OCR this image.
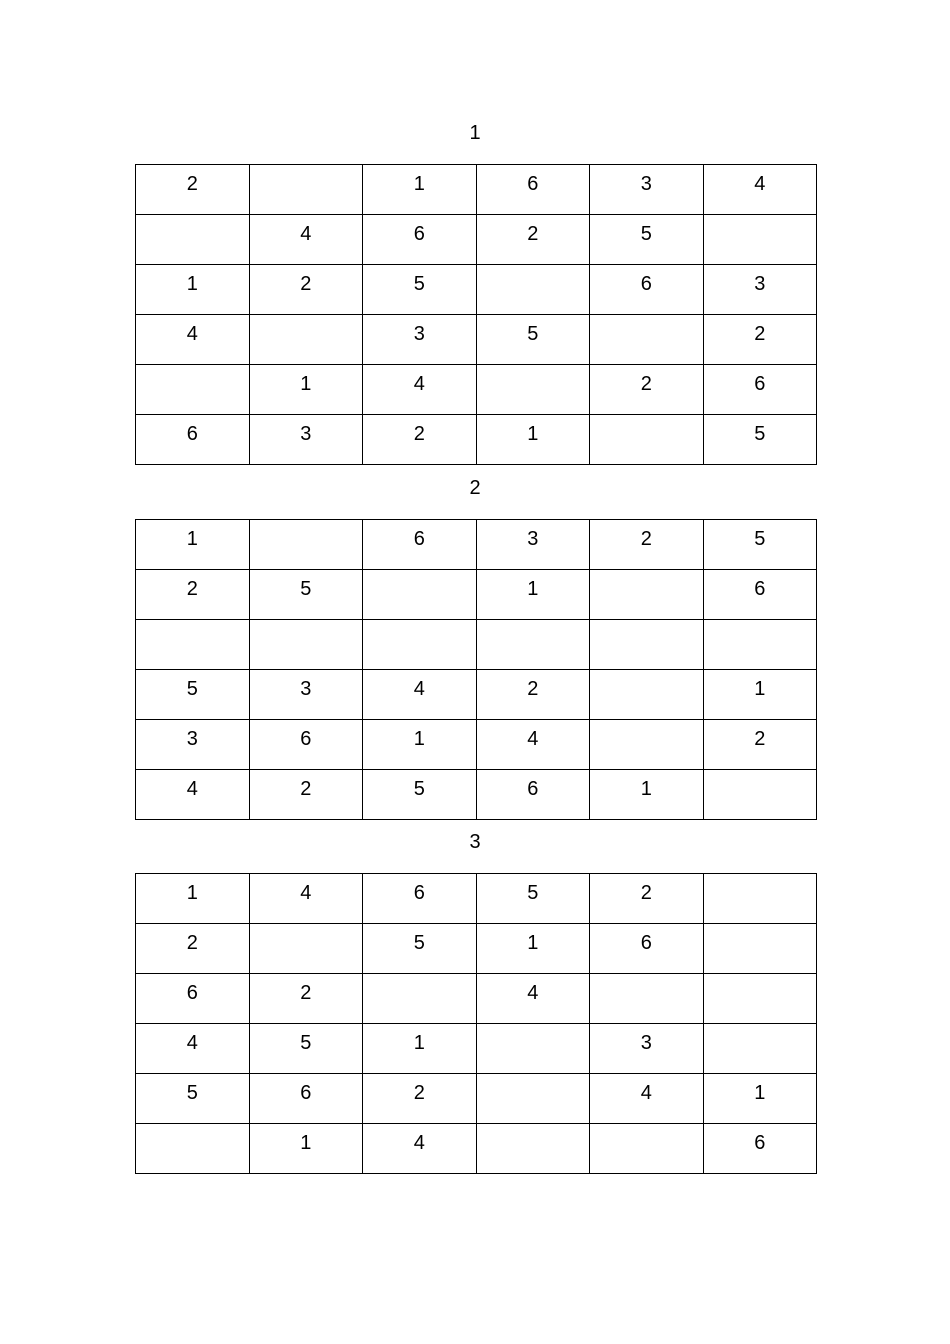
1
2		1	6	3	4
	4	6	2	5	
1	2	5		6	3
4		3	5		2
	1	4		2	6
6	3	2	1		5
2
1		6	3	2	5
2	5		1		6

5	3	4	2		1
3	6	1	4		2
4	2	5	6	1	
3
1	4	6	5	2	
2		5	1	6	
6	2		4		
4	5	1		3	
5	6	2		4	1
	1	4			6
